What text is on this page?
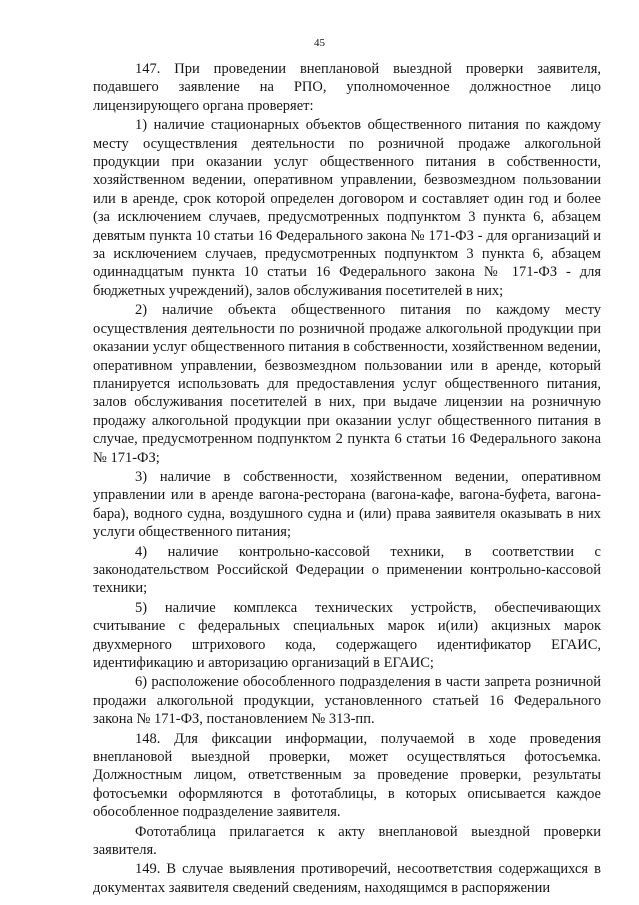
45

147. При проведении внеплановой выездной проверки заявителя, подавшего заявление на РПО, уполномоченное должностное лицо лицензирующего органа проверяет:

1) наличие стационарных объектов общественного питания по каждому месту осуществления деятельности по розничной продаже алкогольной продукции при оказании услуг общественного питания в собственности, хозяйственном ведении, оперативном управлении, безвозмездном пользовании или в аренде, срок которой определен договором и составляет один год и более (за исключением случаев, предусмотренных подпунктом 3 пункта 6, абзацем девятым пункта 10 статьи 16 Федерального закона № 171-ФЗ - для организаций и за исключением случаев, предусмотренных подпунктом 3 пункта 6, абзацем одиннадцатым пункта 10 статьи 16 Федерального закона № 171-ФЗ - для бюджетных учреждений), залов обслуживания посетителей в них;

2) наличие объекта общественного питания по каждому месту осуществления деятельности по розничной продаже алкогольной продукции при оказании услуг общественного питания в собственности, хозяйственном ведении, оперативном управлении, безвозмездном пользовании или в аренде, который планируется использовать для предоставления услуг общественного питания, залов обслуживания посетителей в них, при выдаче лицензии на розничную продажу алкогольной продукции при оказании услуг общественного питания в случае, предусмотренном подпунктом 2 пункта 6 статьи 16 Федерального закона № 171-ФЗ;

3) наличие в собственности, хозяйственном ведении, оперативном управлении или в аренде вагона-ресторана (вагона-кафе, вагона-буфета, вагона-бара), водного судна, воздушного судна и (или) права заявителя оказывать в них услуги общественного питания;

4) наличие контрольно-кассовой техники, в соответствии с законодательством Российской Федерации о применении контрольно-кассовой техники;

5) наличие комплекса технических устройств, обеспечивающих считывание с федеральных специальных марок и(или) акцизных марок двухмерного штрихового кода, содержащего идентификатор ЕГАИС, идентификацию и авторизацию организаций в ЕГАИС;

6) расположение обособленного подразделения в части запрета розничной продажи алкогольной продукции, установленного статьей 16 Федерального закона № 171-ФЗ, постановлением № 313-пп.

148. Для фиксации информации, получаемой в ходе проведения внеплановой выездной проверки, может осуществляться фотосъемка. Должностным лицом, ответственным за проведение проверки, результаты фотосъемки оформляются в фототаблицы, в которых описывается каждое обособленное подразделение заявителя.

Фототаблица прилагается к акту внеплановой выездной проверки заявителя.

149. В случае выявления противоречий, несоответствия содержащихся в документах заявителя сведений сведениям, находящимся в распоряжении
